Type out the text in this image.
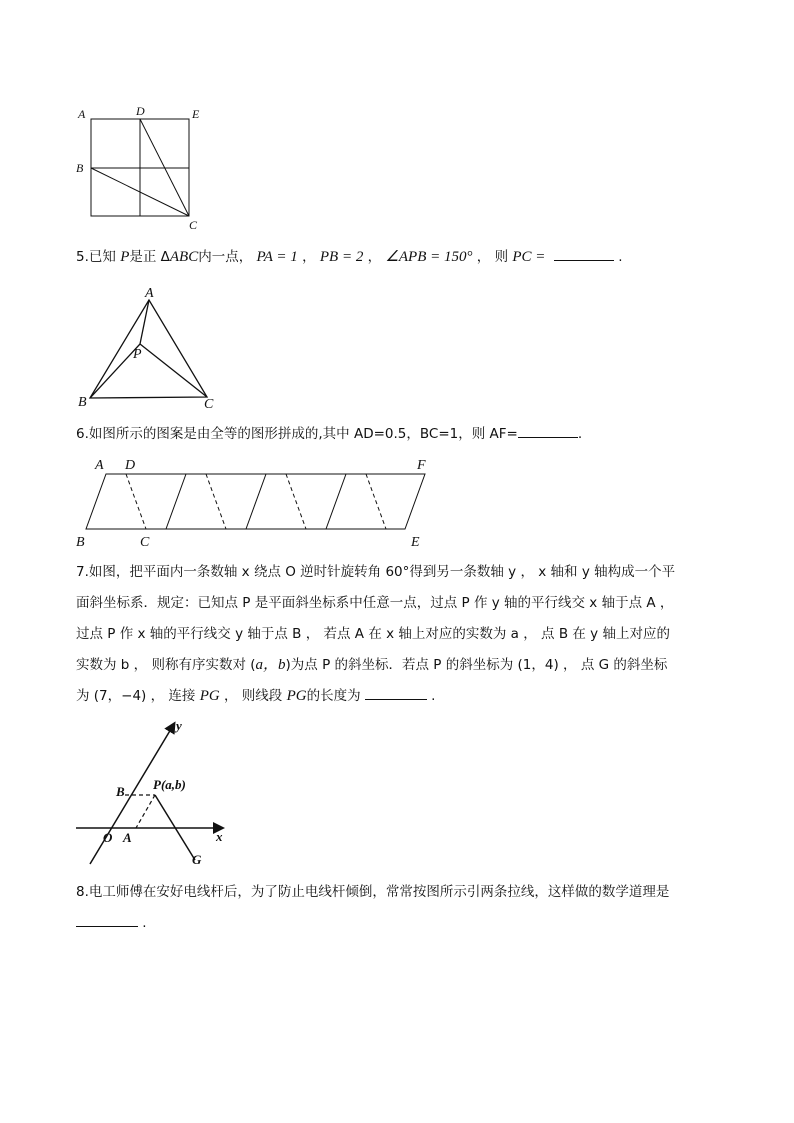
A	D	E
B
C
5.已知 P是正 ΔABC内一点， PA = 1 ， PB = 2 ， ∠APB = 150° ， 则 PC =	.
A
P
B	C
6.如图所示的图案是由全等的图形拼成的,其中 AD=0.5，BC=1，则 AF=	.
A D	F
B	C	E
7.如图，把平面内一条数轴 x 绕点 O 逆时针旋转角 60°得到另一条数轴 y ， x 轴和 y 轴构成一个平
面斜坐标系．规定：已知点 P 是平面斜坐标系中任意一点，过点 P 作 y 轴的平行线交 x 轴于点 A ，
过点 P 作 x 轴的平行线交 y 轴于点 B ， 若点 A 在 x 轴上对应的实数为 a ， 点 B 在 y 轴上对应的
实数为 b ， 则称有序实数对 (a，b)为点 P 的斜坐标．若点 P 的斜坐标为 (1，4) ， 点 G 的斜坐标
为 (7，−4) ， 连接 PG ， 则线段 PG的长度为	.
y
x
O A
B P(a,b)
G
8.电工师傅在安好电线杆后，为了防止电线杆倾倒，常常按图所示引两条拉线，这样做的数学道理是
.
